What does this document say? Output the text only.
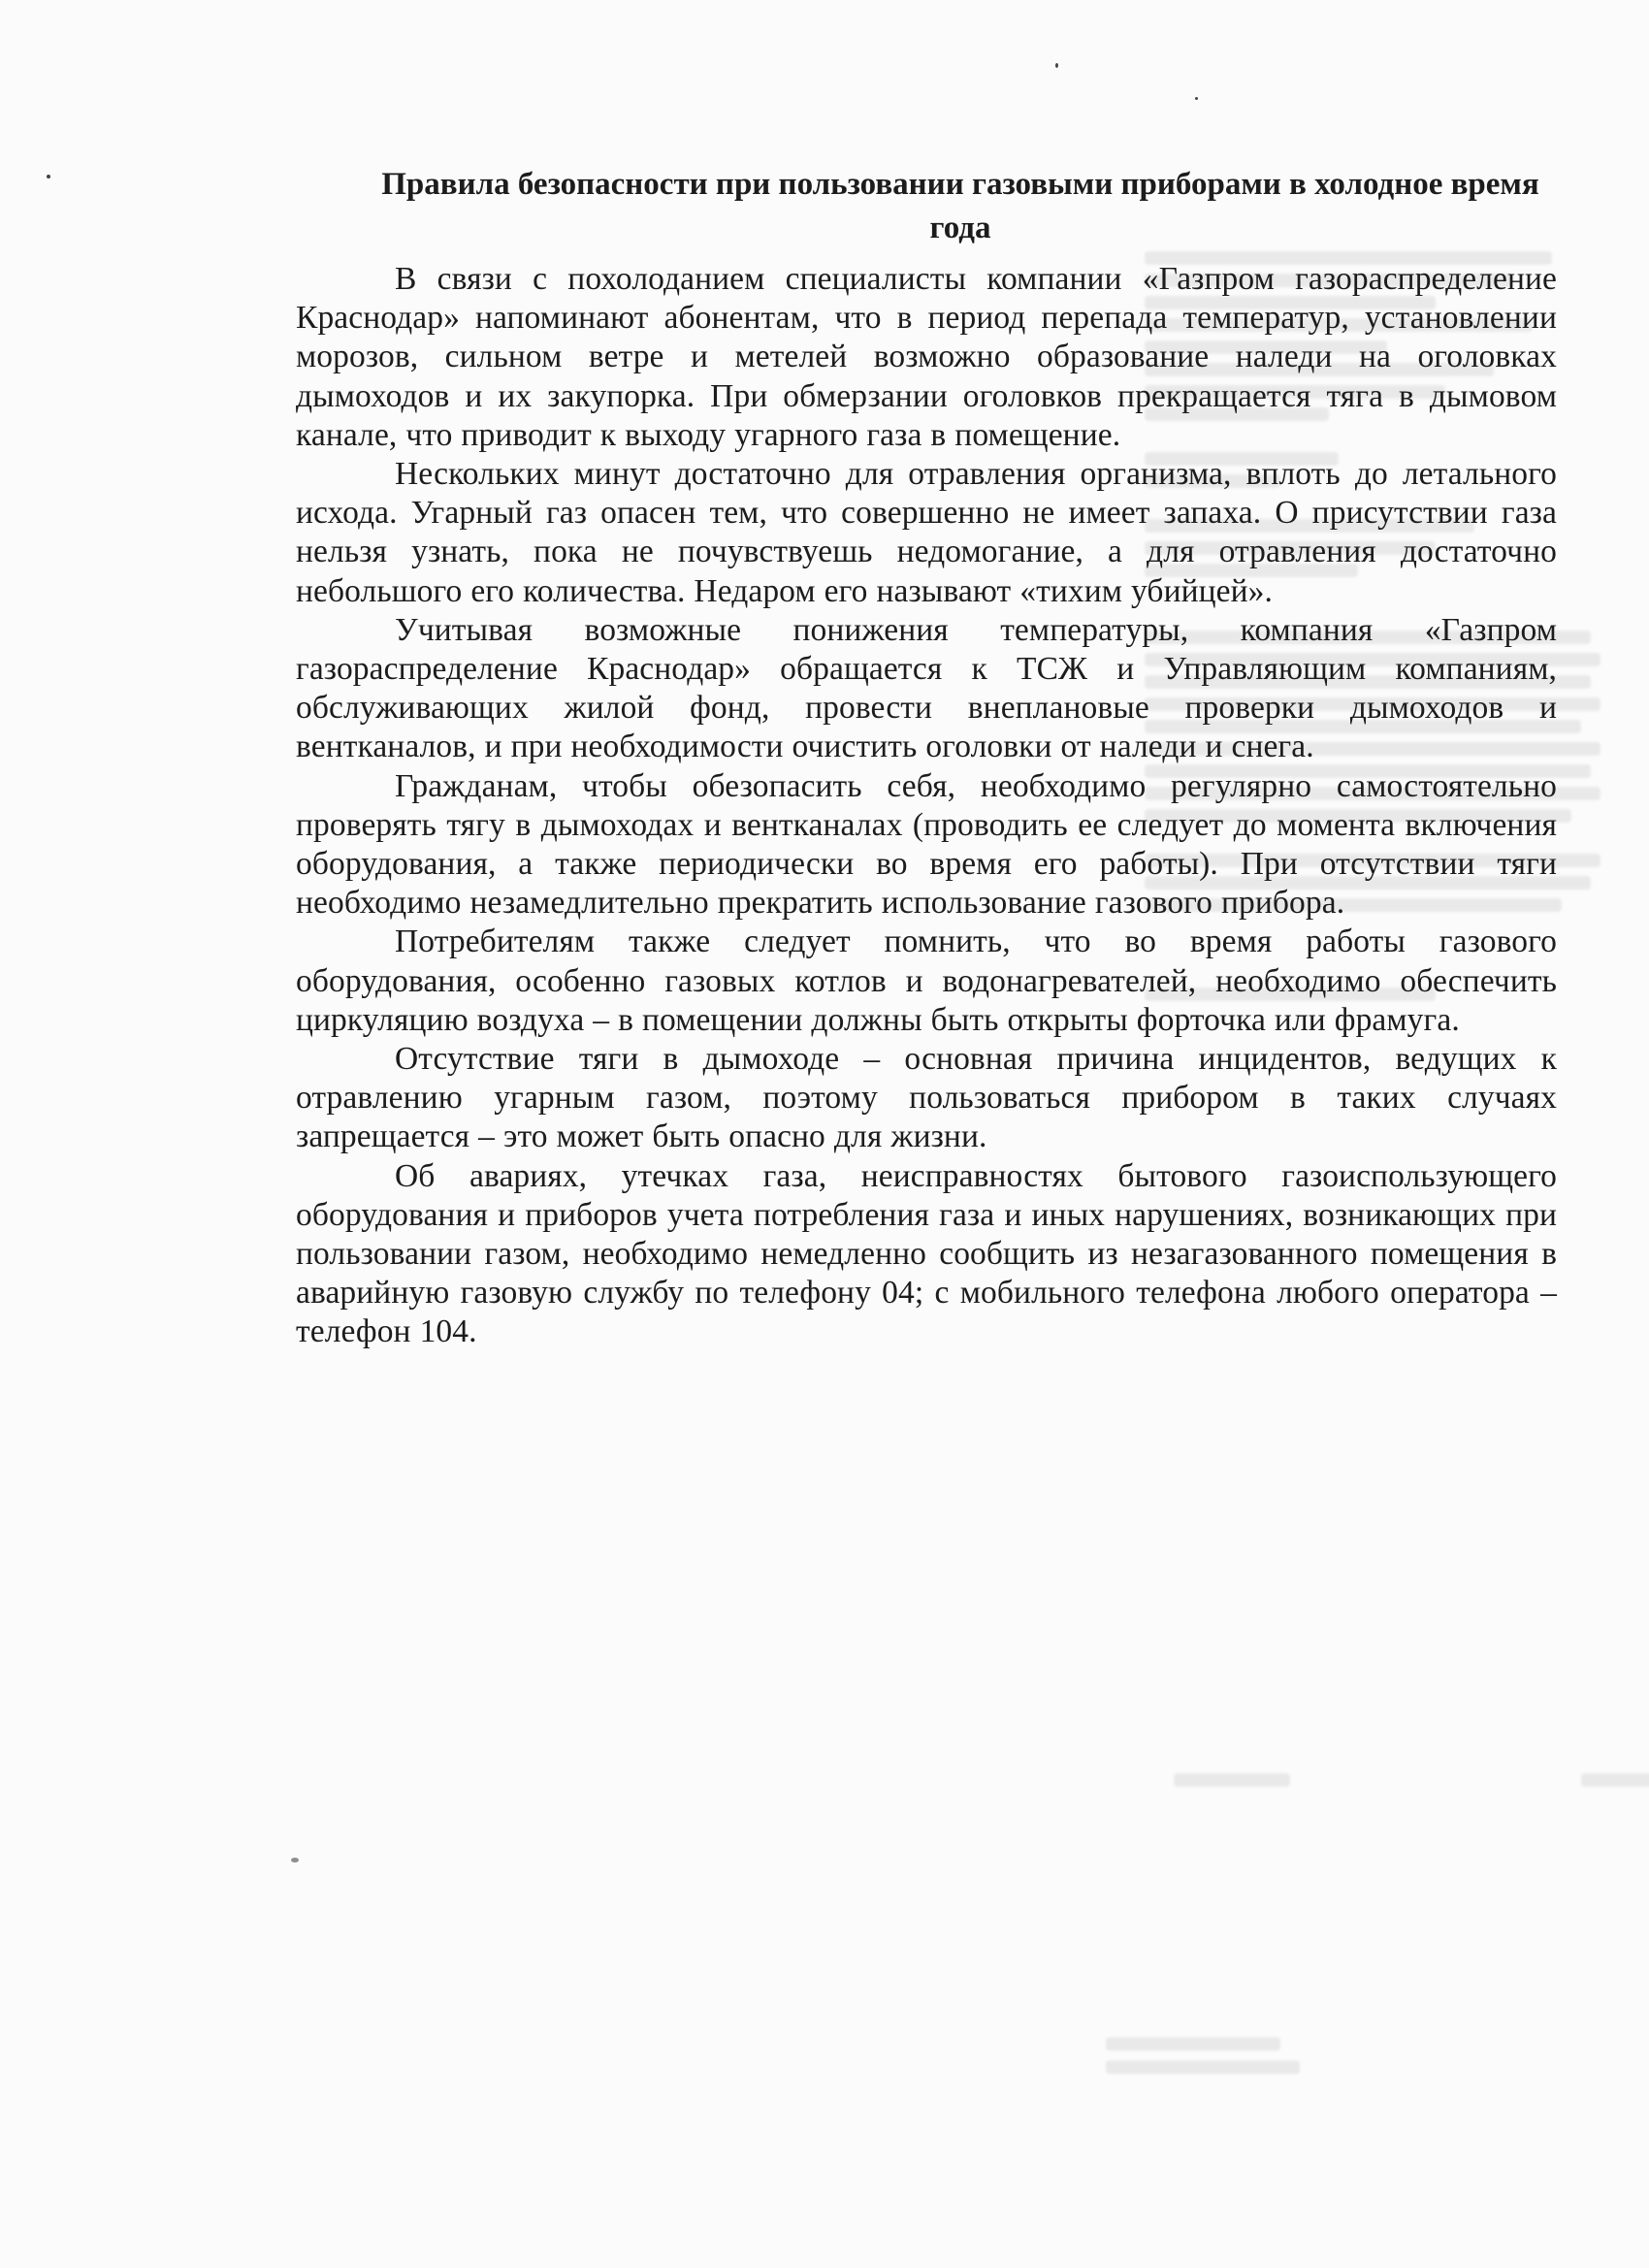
Правила безопасности при пользовании газовыми приборами в холодное время года

В связи с похолоданием специалисты компании «Газпром газораспределение Краснодар» напоминают абонентам, что в период перепада температур, установлении морозов, сильном ветре и метелей возможно образование наледи на оголовках дымоходов и их закупорка. При обмерзании оголовков прекращается тяга в дымовом канале, что приводит к выходу угарного газа в помещение.

Нескольких минут достаточно для отравления организма, вплоть до летального исхода. Угарный газ опасен тем, что совершенно не имеет запаха. О присутствии газа нельзя узнать, пока не почувствуешь недомогание, а для отравления достаточно небольшого его количества. Недаром его называют «тихим убийцей».

Учитывая возможные понижения температуры, компания «Газпром газораспределение Краснодар» обращается к ТСЖ и Управляющим компаниям, обслуживающих жилой фонд, провести внеплановые проверки дымоходов и вентканалов, и при необходимости очистить оголовки от наледи и снега.

Гражданам, чтобы обезопасить себя, необходимо регулярно самостоятельно проверять тягу в дымоходах и вентканалах (проводить ее следует до момента включения оборудования, а также периодически во время его работы). При отсутствии тяги необходимо незамедлительно прекратить использование газового прибора.

Потребителям также следует помнить, что во время работы газового оборудования, особенно газовых котлов и водонагревателей, необходимо обеспечить циркуляцию воздуха – в помещении должны быть открыты форточка или фрамуга.

Отсутствие тяги в дымоходе – основная причина инцидентов, ведущих к отравлению угарным газом, поэтому пользоваться прибором в таких случаях запрещается – это может быть опасно для жизни.

Об авариях, утечках газа, неисправностях бытового газоиспользующего оборудования и приборов учета потребления газа и иных нарушениях, возникающих при пользовании газом, необходимо немедленно сообщить из незагазованного помещения в аварийную газовую службу по телефону 04; с мобильного телефона любого оператора – телефон 104.
